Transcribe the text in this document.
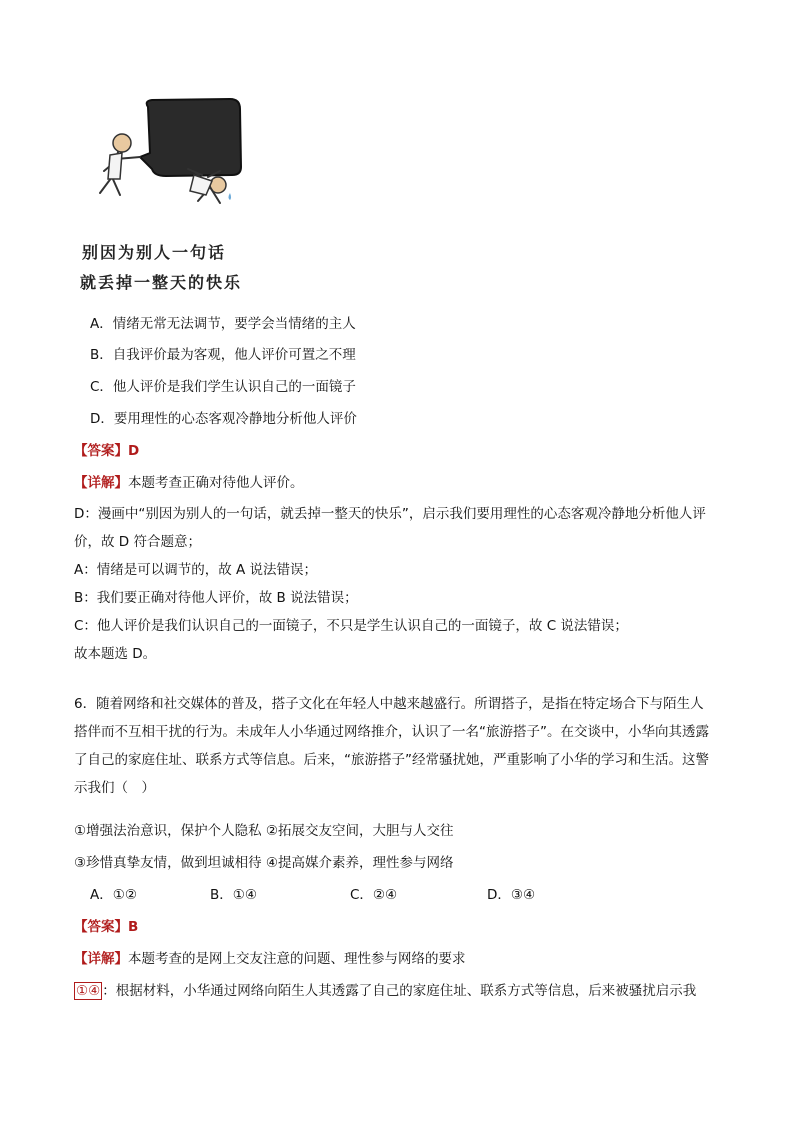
别因为别人一句话
就丢掉一整天的快乐
A．情绪无常无法调节，要学会当情绪的主人
B．自我评价最为客观，他人评价可置之不理
C．他人评价是我们学生认识自己的一面镜子
D．要用理性的心态客观冷静地分析他人评价
【答案】D
【详解】本题考查正确对待他人评价。
D：漫画中“别因为别人的一句话，就丢掉一整天的快乐”，启示我们要用理性的心态客观冷静地分析他人评
价，故 D 符合题意；
A：情绪是可以调节的，故 A 说法错误；
B：我们要正确对待他人评价，故 B 说法错误；
C：他人评价是我们认识自己的一面镜子，不只是学生认识自己的一面镜子，故 C 说法错误；
故本题选 D。
6．随着网络和社交媒体的普及，搭子文化在年轻人中越来越盛行。所谓搭子，是指在特定场合下与陌生人
搭伴而不互相干扰的行为。未成年人小华通过网络推介，认识了一名“旅游搭子”。在交谈中，小华向其透露
了自己的家庭住址、联系方式等信息。后来，“旅游搭子”经常骚扰她，严重影响了小华的学习和生活。这警
示我们（　）
①增强法治意识，保护个人隐私 ②拓展交友空间，大胆与人交往
③珍惜真挚友情，做到坦诚相待 ④提高媒介素养，理性参与网络
A．①②	B．①④	C．②④	D．③④
【答案】B
【详解】本题考查的是网上交友注意的问题、理性参与网络的要求
①④ ：根据材料，小华通过网络向陌生人其透露了自己的家庭住址、联系方式等信息，后来被骚扰启示我
